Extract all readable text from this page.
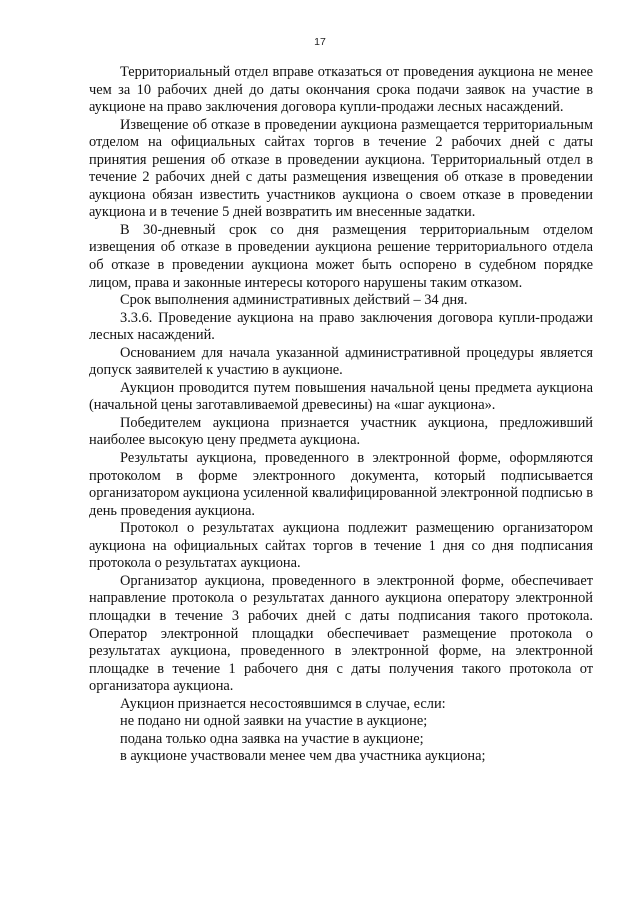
17

Территориальный отдел вправе отказаться от проведения аукциона не менее чем за 10 рабочих дней до даты окончания срока подачи заявок на участие в аукционе на право заключения договора купли-продажи лесных насаждений.

Извещение об отказе в проведении аукциона размещается территориальным отделом на официальных сайтах торгов в течение 2 рабочих дней с даты принятия решения об отказе в проведении аукциона. Территориальный отдел в течение 2 рабочих дней с даты размещения извещения об отказе в проведении аукциона обязан известить участников аукциона о своем отказе в проведении аукциона и в течение 5 дней возвратить им внесенные задатки.

В 30-дневный срок со дня размещения территориальным отделом извещения об отказе в проведении аукциона решение территориального отдела об отказе в проведении аукциона может быть оспорено в судебном порядке лицом, права и законные интересы которого нарушены таким отказом.

Срок выполнения административных действий – 34 дня.

3.3.6. Проведение аукциона на право заключения договора купли-продажи лесных насаждений.

Основанием для начала указанной административной процедуры является допуск заявителей к участию в аукционе.

Аукцион проводится путем повышения начальной цены предмета аукциона (начальной цены заготавливаемой древесины) на «шаг аукциона».

Победителем аукциона признается участник аукциона, предложивший наиболее высокую цену предмета аукциона.

Результаты аукциона, проведенного в электронной форме, оформляются протоколом в форме электронного документа, который подписывается организатором аукциона усиленной квалифицированной электронной подписью в день проведения аукциона.

Протокол о результатах аукциона подлежит размещению организатором аукциона на официальных сайтах торгов в течение 1 дня со дня подписания протокола о результатах аукциона.

Организатор аукциона, проведенного в электронной форме, обеспечивает направление протокола о результатах данного аукциона оператору электронной площадки в течение 3 рабочих дней с даты подписания такого протокола. Оператор электронной площадки обеспечивает размещение протокола о результатах аукциона, проведенного в электронной форме, на электронной площадке в течение 1 рабочего дня с даты получения такого протокола от организатора аукциона.

Аукцион признается несостоявшимся в случае, если:

не подано ни одной заявки на участие в аукционе;

подана только одна заявка на участие в аукционе;

в аукционе участвовали менее чем два участника аукциона;
